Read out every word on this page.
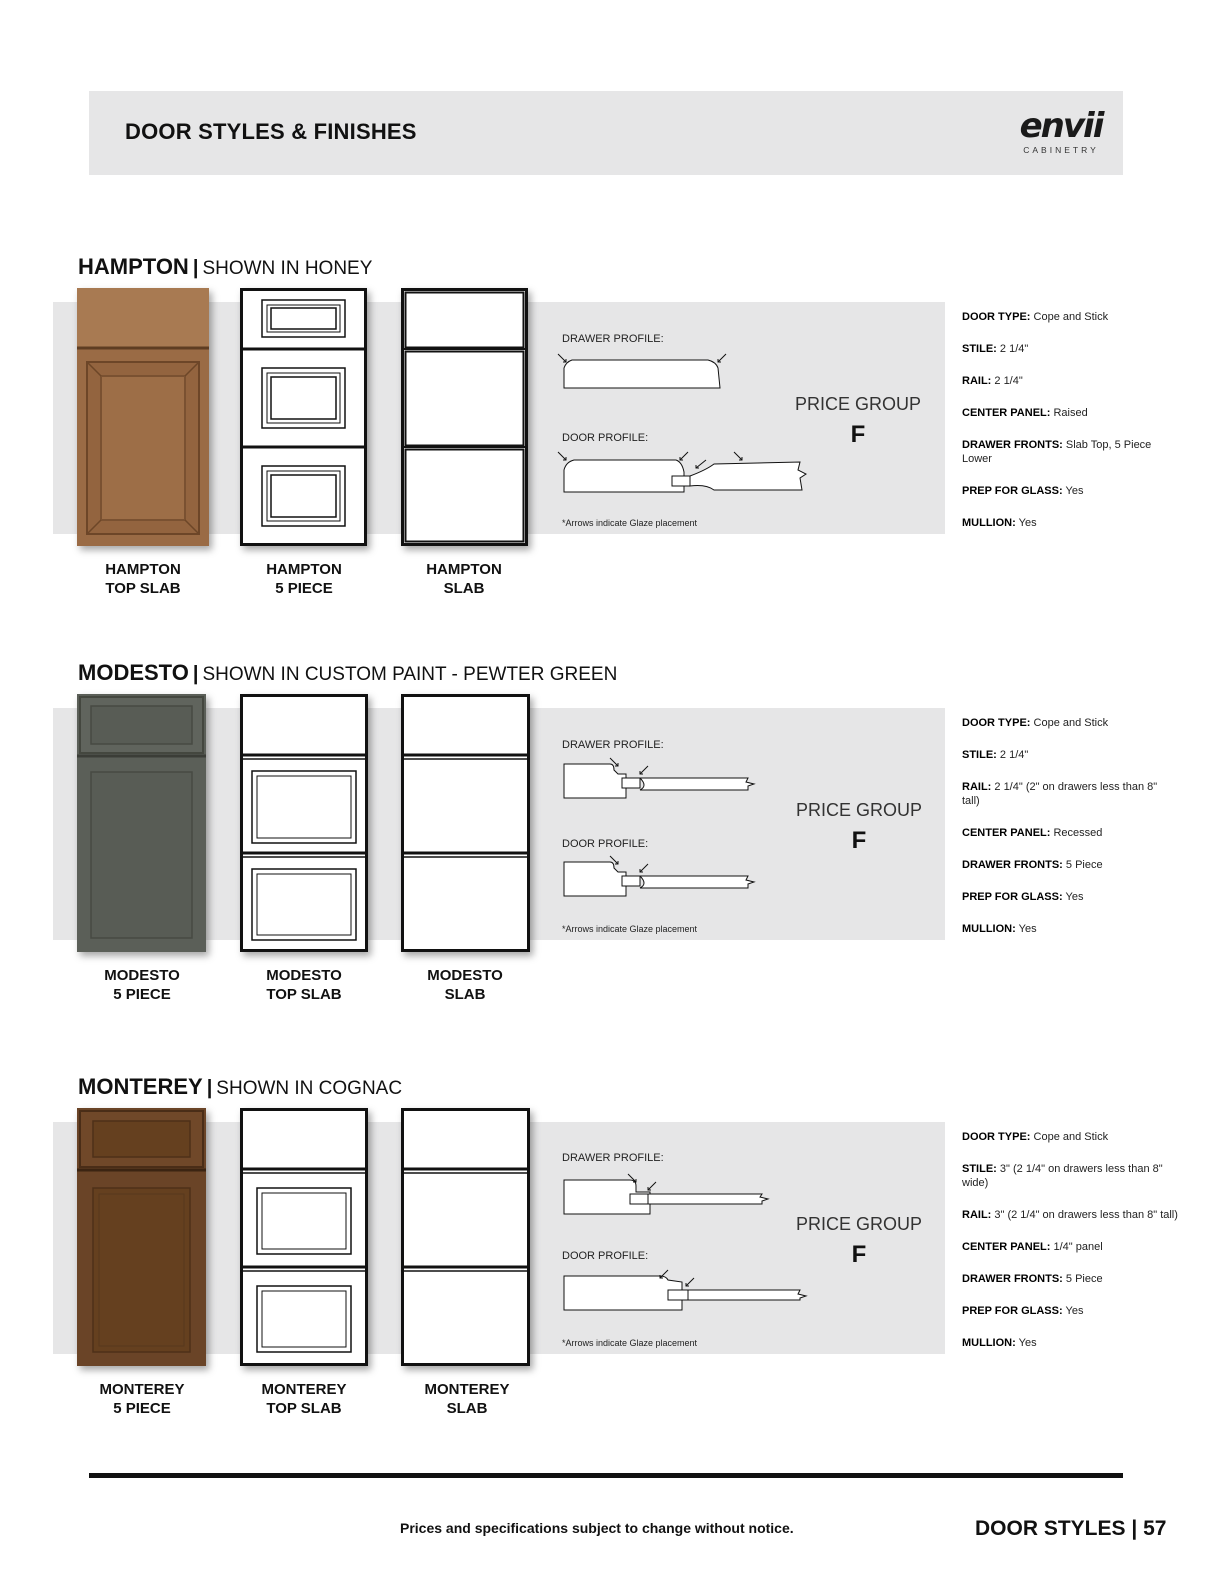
DOOR STYLES & FINISHES	envii
CABINETRY
HAMPTON | SHOWN IN HONEY
HAMPTON
TOP SLAB
HAMPTON
5 PIECE
HAMPTON
SLAB
DRAWER PROFILE:
DOOR PROFILE:
*Arrows indicate Glaze placement
PRICE GROUP
F
DOOR TYPE: Cope and Stick
STILE: 2 1/4"
RAIL: 2 1/4"
CENTER PANEL: Raised
DRAWER FRONTS: Slab Top, 5 Piece Lower
PREP FOR GLASS: Yes
MULLION: Yes
MODESTO | SHOWN IN CUSTOM PAINT - PEWTER GREEN
MODESTO
5 PIECE
MODESTO
TOP SLAB
MODESTO
SLAB
DRAWER PROFILE:
DOOR PROFILE:
*Arrows indicate Glaze placement
PRICE GROUP
F
DOOR TYPE: Cope and Stick
STILE: 2 1/4"
RAIL: 2 1/4" (2" on drawers less than 8" tall)
CENTER PANEL: Recessed
DRAWER FRONTS: 5 Piece
PREP FOR GLASS: Yes
MULLION: Yes
MONTEREY | SHOWN IN COGNAC
MONTEREY
5 PIECE
MONTEREY
TOP SLAB
MONTEREY
SLAB
DRAWER PROFILE:
DOOR PROFILE:
*Arrows indicate Glaze placement
PRICE GROUP
F
DOOR TYPE: Cope and Stick
STILE: 3" (2 1/4" on drawers less than 8" wide)
RAIL: 3" (2 1/4" on drawers less than 8" tall)
CENTER PANEL: 1/4" panel
DRAWER FRONTS: 5 Piece
PREP FOR GLASS: Yes
MULLION: Yes
Prices and specifications subject to change without notice.	DOOR STYLES | 57
